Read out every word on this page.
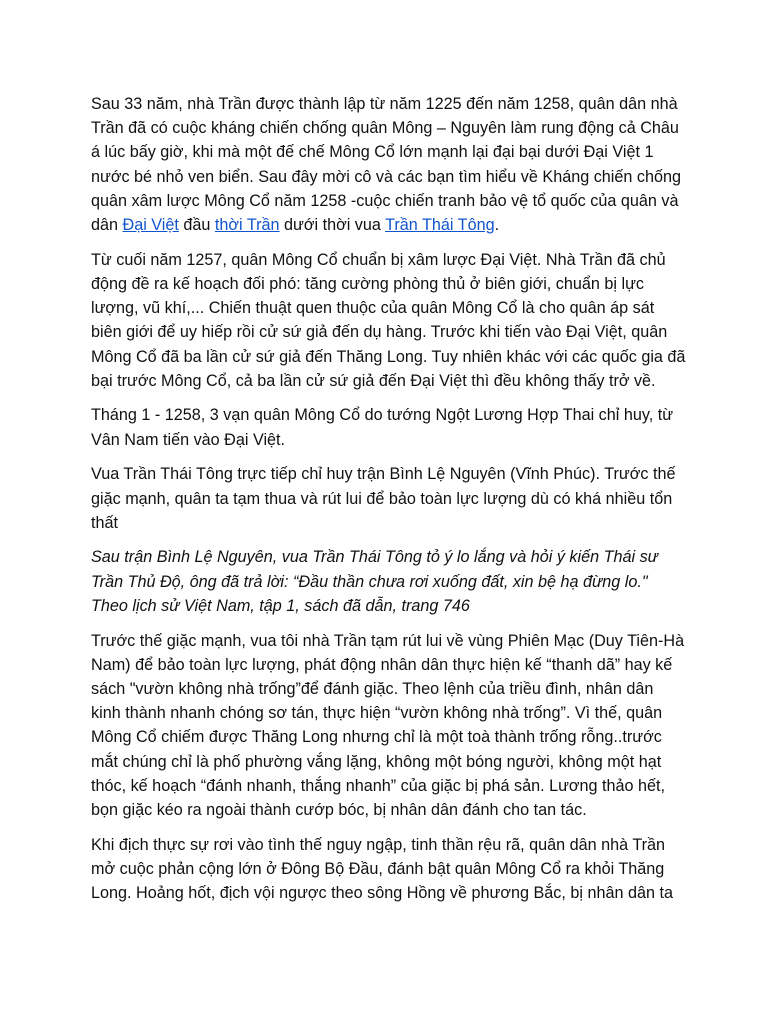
Sau 33 năm, nhà Trần được thành lập từ năm 1225 đến năm 1258, quân dân nhà Trần đã có cuộc kháng chiến chống quân Mông – Nguyên làm rung động cả Châu á lúc bấy giờ, khi mà một đế chế Mông Cổ lớn mạnh lại đại bại dưới Đại Việt 1 nước bé nhỏ ven biển. Sau đây mời cô và các bạn tìm hiểu về Kháng chiến chống quân xâm lược Mông Cổ năm 1258 -cuộc chiến tranh bảo vệ tổ quốc của quân và dân Đại Việt đầu thời Trần dưới thời vua Trần Thái Tông.

Từ cuối năm 1257, quân Mông Cổ chuẩn bị xâm lược Đại Việt. Nhà Trần đã chủ động đề ra kế hoạch đối phó: tăng cường phòng thủ ở biên giới, chuẩn bị lực lượng, vũ khí,... Chiến thuật quen thuộc của quân Mông Cổ là cho quân áp sát biên giới để uy hiếp rồi cử sứ giả đến dụ hàng. Trước khi tiến vào Đại Việt, quân Mông Cổ đã ba lần cử sứ giả đến Thăng Long. Tuy nhiên khác với các quốc gia đã bại trước Mông Cổ, cả ba lần cử sứ giả đến Đại Việt thì đều không thấy trở về.

Tháng 1 - 1258, 3 vạn quân Mông Cổ do tướng Ngột Lương Hợp Thai chỉ huy, từ Vân Nam tiến vào Đại Việt.

Vua Trần Thái Tông trực tiếp chỉ huy trận Bình Lệ Nguyên (Vĩnh Phúc). Trước thế giặc mạnh, quân ta tạm thua và rút lui để bảo toàn lực lượng dù có khá nhiều tổn thất

Sau trận Bình Lệ Nguyên, vua Trần Thái Tông tỏ ý lo lắng và hỏi ý kiến Thái sư Trần Thủ Độ, ông đã trả lời: “Đầu thần chưa rơi xuống đất, xin bệ hạ đừng lo." Theo lịch sử Việt Nam, tập 1, sách đã dẫn, trang 746

Trước thế giặc mạnh, vua tôi nhà Trần tạm rút lui về vùng Phiên Mạc (Duy Tiên-Hà Nam) để bảo toàn lực lượng, phát động nhân dân thực hiện kế “thanh dã” hay kế sách "vườn không nhà trống”để đánh giặc. Theo lệnh của triều đình, nhân dân kinh thành nhanh chóng sơ tán, thực hiện “vườn không nhà trống”. Vì thế, quân Mông Cổ chiếm được Thăng Long nhưng chỉ là một toà thành trống rỗng..trước mắt chúng chỉ là phố phường vắng lặng, không một bóng người, không một hạt thóc, kế hoạch “đánh nhanh, thắng nhanh” của giặc bị phá sản. Lương thảo hết, bọn giặc kéo ra ngoài thành cướp bóc, bị nhân dân đánh cho tan tác.

Khi địch thực sự rơi vào tình thế nguy ngập, tinh thần rệu rã, quân dân nhà Trần mở cuộc phản cộng lớn ở Đông Bộ Đầu, đánh bật quân Mông Cổ ra khỏi Thăng Long. Hoảng hốt, địch vội ngược theo sông Hồng về phương Bắc, bị nhân dân ta
